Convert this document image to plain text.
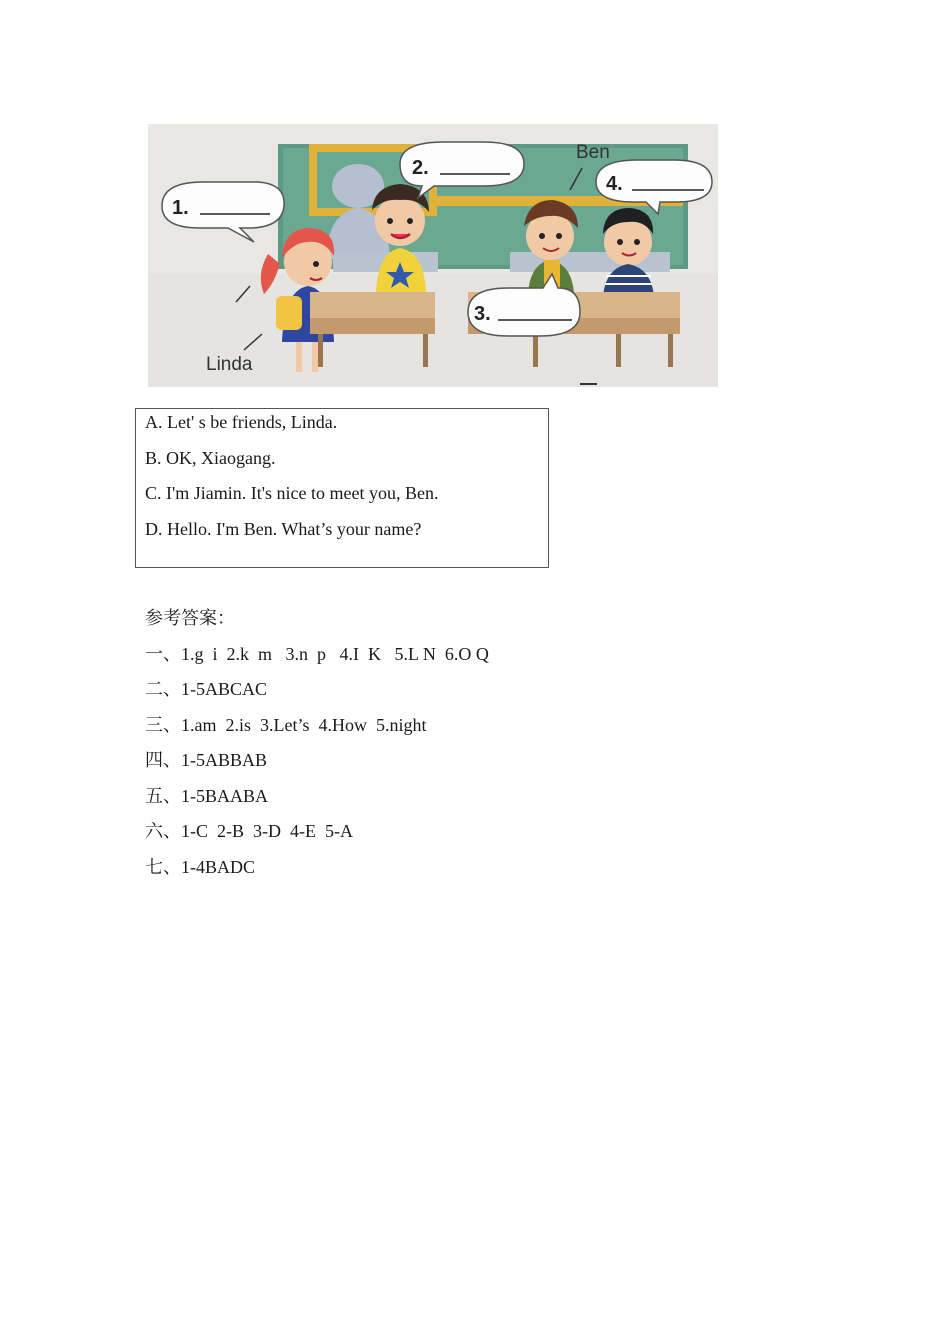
1.
2.
3.
4.
Ben
Linda
A. Let' s be friends, Linda.
B. OK, Xiaogang.
C. I'm Jiamin. It's nice to meet you, Ben.
D. Hello. I'm Ben. What’s your name?
参考答案：
一、1.g  i  2.k  m   3.n  p   4.I  K   5.L N  6.O Q
二、1-5ABCAC
三、1.am  2.is  3.Let’s  4.How  5.night
四、1-5ABBAB
五、1-5BAABA
六、1-C  2-B  3-D  4-E  5-A
七、1-4BADC
